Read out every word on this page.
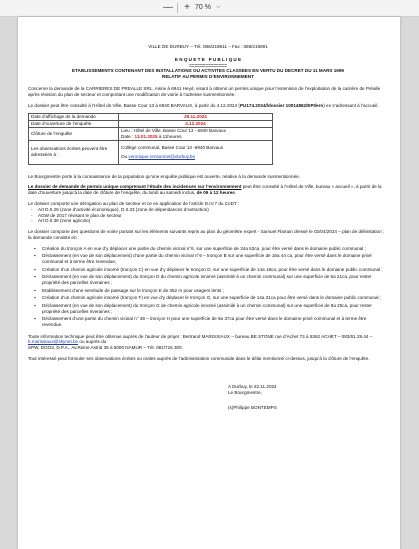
— + 70 % ⌵

VILLE DE DURBUY – Tél. 086/219811 – Fax : 086/219891

E N Q U E T E   P U B L I Q U E

==============

ETABLISSEMENTS CONTENANT DES INSTALLATIONS OU ACTIVITES CLASSEES EN VERTU DU DECRET DU 11 MARS 1999

RELATIF AU PERMIS D’ENVIRONNEMENT

Concerne la demande de la CARRIERES DE PREALLE SRL, Aisne à 6941 Heyd, visant à obtenir un permis unique pour l’extension de l’exploitation de la carrière de Préalle après révision du plan de secteur et comportant une modification de voirie à l’adresse susmentionnée.

Le dossier peut être consulté à l’Hôtel de Ville, Basse Cour 13 à 6940 BARVAUX, à partir du 4.12.2024 (PU174.2024//dossier 10014862/EPI/ero) en s’adressant à l’accueil.

Date d’affichage de la demande	29.11.2024
Date d’ouverture de l’enquête	4.12.2024
Clôture de l’enquête	Lieu : Hôtel de Ville, Basse Cour 13 - 6940 Barvaux
Date : 13.01.2025 à 11heures.

Les observations écrites peuvent être adressées à :	Collège communal, Basse Cour 13 -6940 Barvaux
Ou veronique.rensonnet@durbuy.be

Le Bourgmestre porte à la connaissance de la population qu’une enquête publique est ouverte, relative à la demande susmentionnée.

Le dossier de demande de permis unique comprenant l’étude des incidences sur l’environnement peut être consulté à l’Hôtel de Ville, bureau « accueil », à partir de la date d’ouverture jusqu’à la date de clôture de l’enquête, du lundi au samedi inclus, de 09 à 12 heures.

Le dossier comporte une dérogation au plan de secteur et ce en application de l’article D.IV.7 du CoDT :

- Art D.II.28 (zone d’activité économique), D.II.33 (zone de dépendances d’extraction)
- AGW de 2017 révisant le plan de secteur
- Art D.II.36 (zone agricole)

Le dossier comporte des questions de voirie portant sur les éléments suivants repris au plan du géomètre expert - Samuel Flaman dressé le 02/04/2024 – plan de délimitation ; la demande consiste en :

▪ Création du tronçon A en vue d’y déplacer une partie du chemin vicinal n°6, sur une superficie de 34a 62ca, pour être versé dans le domaine public communal ;
▪ Déclassement (en vue de son déplacement) d’une partie du chemin vicinal n°6 – tronçon B sur une superficie de 16a 44 ca, pour être versé dans le domaine privé communal et à terme être revendue;
▪ Création d’un chemin agricole innomé (tronçon C) en vue d’y déplacer le tronçon D, sur une superficie de 14a 18ca, pour être versé dans le domaine public communal ;
▪ Déclassement (en vue de son déplacement) du tronçon D du chemin agricole innomé (assimilé à un chemin communal) sur une superficie de 5a 21ca, pour rester propriété des parcelles riveraines ;
▪ Etablissement d’une servitude de passage sur le tronçon E de 352 m pour usagers lents ;
▪ Création d’un chemin agricole innomé (tronçon F) en vue d’y déplacer le tronçon G, sur une superficie de 14a 31ca pour être versé dans le domaine public communal ;
▪ Déclassement (en vue de son déplacement) du tronçon G de chemin agricole innomé (assimilé à un chemin communal) sur une superficie de 8a 25ca, pour rester propriété des parcelles riveraines ;
▪ Déclassement d’une partie du chemin vicinal n° 39 – tronçon H pour une superficie de 9a 37ca pour être versé dans le domaine privé communal et à terme être revendue.

Toute information technique peut être obtenue auprès de l’auteur de projet : Bertrand MARISSIAUX – bureau BE.STONE rue d’Achet 73 à 5362 ACHET – 083/61.29.44 – b.marissiaux@skynet.be ou auprès du

SPW, DGO3, D.P.A., Av.Reine Astrid 39 à 5000 NAMUR – Tél. 081/715 300.

Tout intéressé peut formuler ses observations écrites ou orales auprès de l’administration communale dans le délai mentionné ci-dessus, jusqu’à la clôture de l’enquête.

A Durbuy, le 22.11.2024

Le Bourgmestre,

(s)Philippe BONTEMPS
